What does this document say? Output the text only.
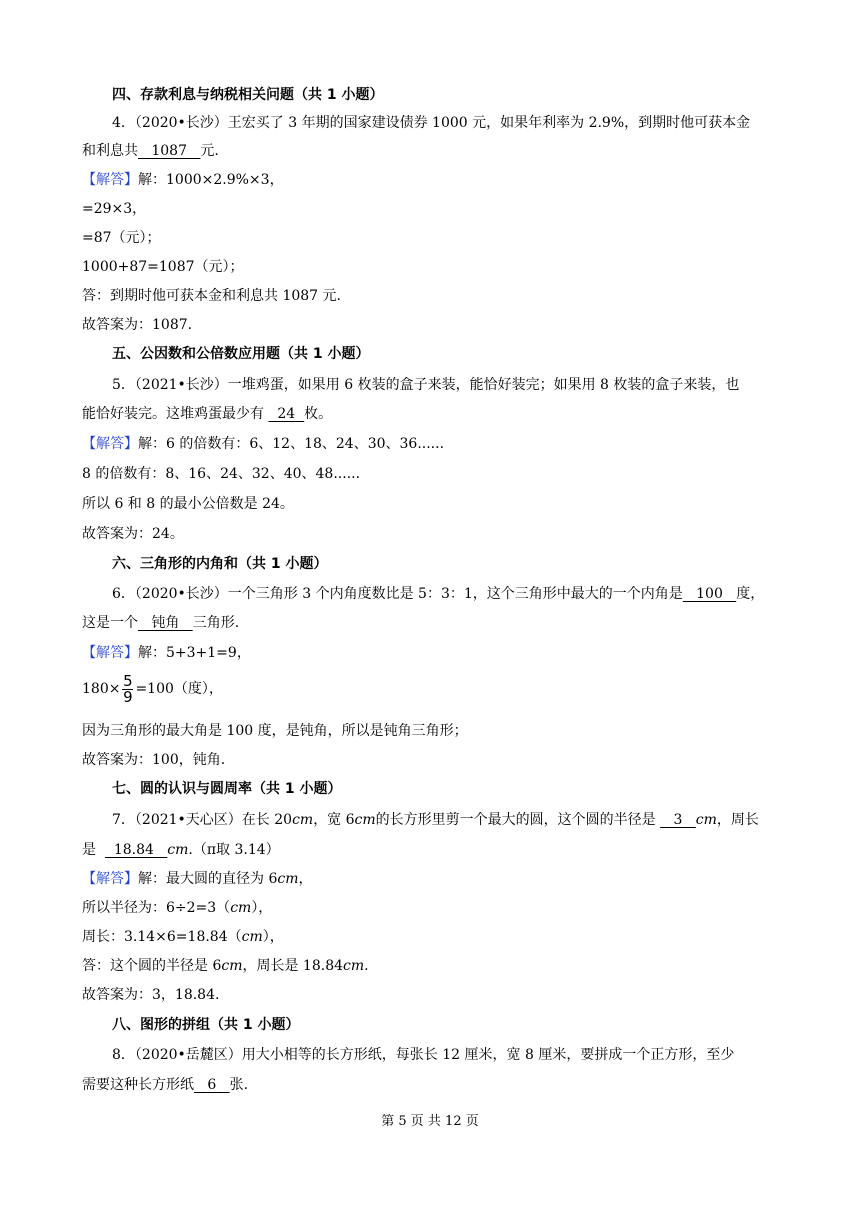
四、存款利息与纳税相关问题（共 1 小题）
4．（2020•长沙）王宏买了 3 年期的国家建设债券 1000 元，如果年利率为 2.9%，到期时他可获本金
和利息共 1087 元.
【解答】解：1000×2.9%×3，
=29×3，
=87（元）；
1000+87=1087（元）；
答：到期时他可获本金和利息共 1087 元.
故答案为：1087.
五、公因数和公倍数应用题（共 1 小题）
5．（2021•长沙）一堆鸡蛋，如果用 6 枚装的盒子来装，能恰好装完；如果用 8 枚装的盒子来装，也
能恰好装完。这堆鸡蛋最少有 24 枚。
【解答】解：6 的倍数有：6、12、18、24、30、36......
8 的倍数有：8、16、24、32、40、48......
所以 6 和 8 的最小公倍数是 24。
故答案为：24。
六、三角形的内角和（共 1 小题）
6．（2020•长沙）一个三角形 3 个内角度数比是 5：3：1，这个三角形中最大的一个内角是 100 度，
这是一个 钝角 三角形.
【解答】解：5+3+1=9，
$180\times \frac{5}{9} =100$（度），
因为三角形的最大角是 100 度，是钝角，所以是钝角三角形；
故答案为：100，钝角.
七、圆的认识与圆周率（共 1 小题）
7．（2021•天心区）在长 20cm，宽 6cm的长方形里剪一个最大的圆，这个圆的半径是 3 cm，周长
是 18.84 cm.（π取 3.14）
【解答】解：最大圆的直径为 6cm，
所以半径为：6÷2=3（cm），
周长：3.14×6=18.84（cm），
答：这个圆的半径是 6cm，周长是 18.84cm.
故答案为：3，18.84.
八、图形的拼组（共 1 小题）
8．（2020•岳麓区）用大小相等的长方形纸，每张长 12 厘米，宽 8 厘米，要拼成一个正方形，至少
需要这种长方形纸 6 张.
第 5 页 共 12 页
